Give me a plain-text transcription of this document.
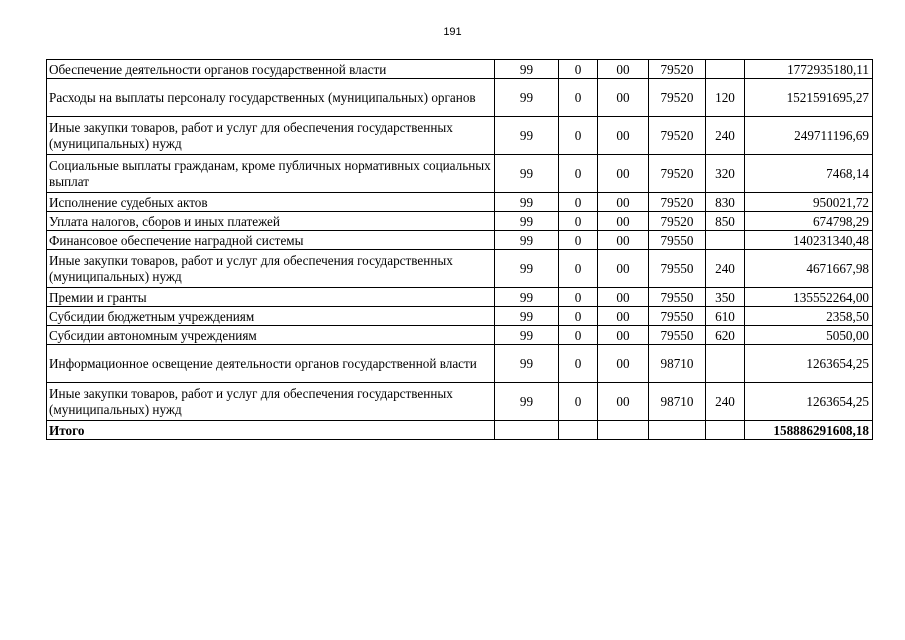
191
Обеспечение деятельности органов государственной власти	99	0	00	79520		1772935180,11
Расходы на выплаты персоналу государственных (муниципальных) органов	99	0	00	79520	120	1521591695,27
Иные закупки товаров, работ и услуг для обеспечения государственных (муниципальных) нужд	99	0	00	79520	240	249711196,69
Социальные выплаты гражданам, кроме публичных нормативных социальных выплат	99	0	00	79520	320	7468,14
Исполнение судебных актов	99	0	00	79520	830	950021,72
Уплата налогов, сборов и иных платежей	99	0	00	79520	850	674798,29
Финансовое обеспечение наградной системы	99	0	00	79550		140231340,48
Иные закупки товаров, работ и услуг для обеспечения государственных (муниципальных) нужд	99	0	00	79550	240	4671667,98
Премии и гранты	99	0	00	79550	350	135552264,00
Субсидии бюджетным учреждениям	99	0	00	79550	610	2358,50
Субсидии автономным учреждениям	99	0	00	79550	620	5050,00
Информационное освещение деятельности органов государственной власти	99	0	00	98710		1263654,25
Иные закупки товаров, работ и услуг для обеспечения государственных (муниципальных) нужд	99	0	00	98710	240	1263654,25
Итого						158886291608,18
